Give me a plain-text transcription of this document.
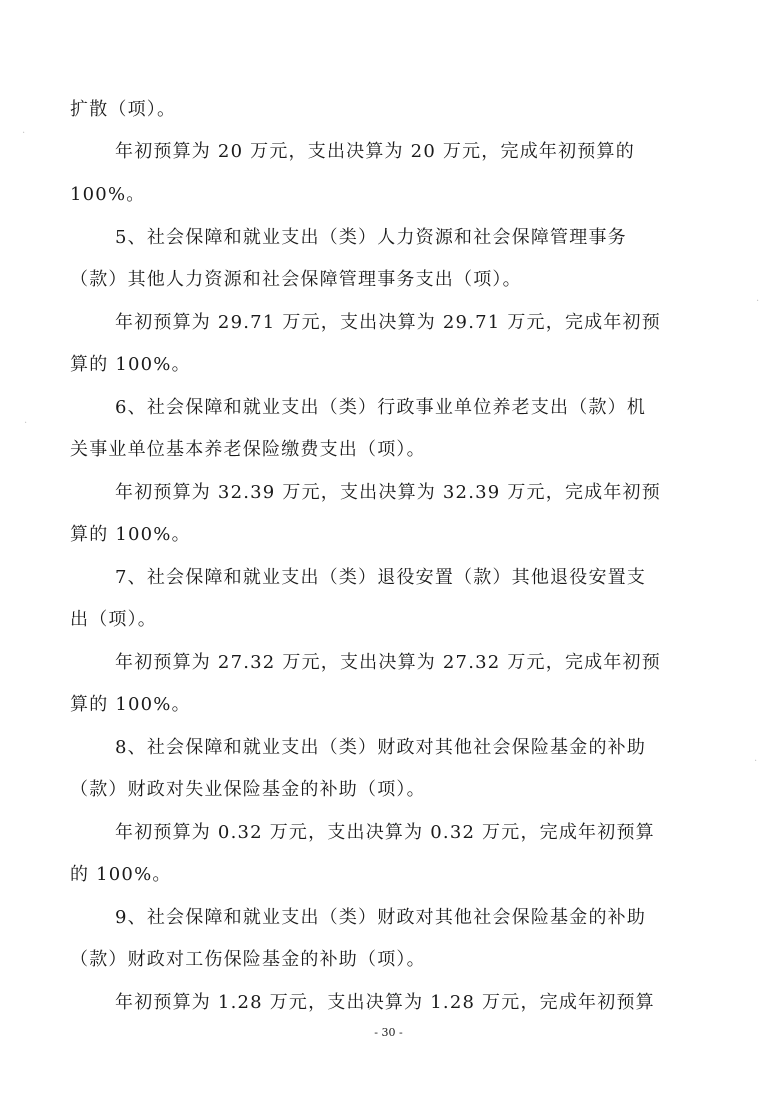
扩散（项）。
年初预算为 20 万元，支出决算为 20 万元，完成年初预算的
100%。
5、社会保障和就业支出（类）人力资源和社会保障管理事务
（款）其他人力资源和社会保障管理事务支出（项）。
年初预算为 29.71 万元，支出决算为 29.71 万元，完成年初预
算的 100%。
6、社会保障和就业支出（类）行政事业单位养老支出（款）机
关事业单位基本养老保险缴费支出（项）。
年初预算为 32.39 万元，支出决算为 32.39 万元，完成年初预
算的 100%。
7、社会保障和就业支出（类）退役安置（款）其他退役安置支
出（项）。
年初预算为 27.32 万元，支出决算为 27.32 万元，完成年初预
算的 100%。
8、社会保障和就业支出（类）财政对其他社会保险基金的补助
（款）财政对失业保险基金的补助（项）。
年初预算为 0.32 万元，支出决算为 0.32 万元，完成年初预算
的 100%。
9、社会保障和就业支出（类）财政对其他社会保险基金的补助
（款）财政对工伤保险基金的补助（项）。
年初预算为 1.28 万元，支出决算为 1.28 万元，完成年初预算
- 30 -
·
·
·
·
